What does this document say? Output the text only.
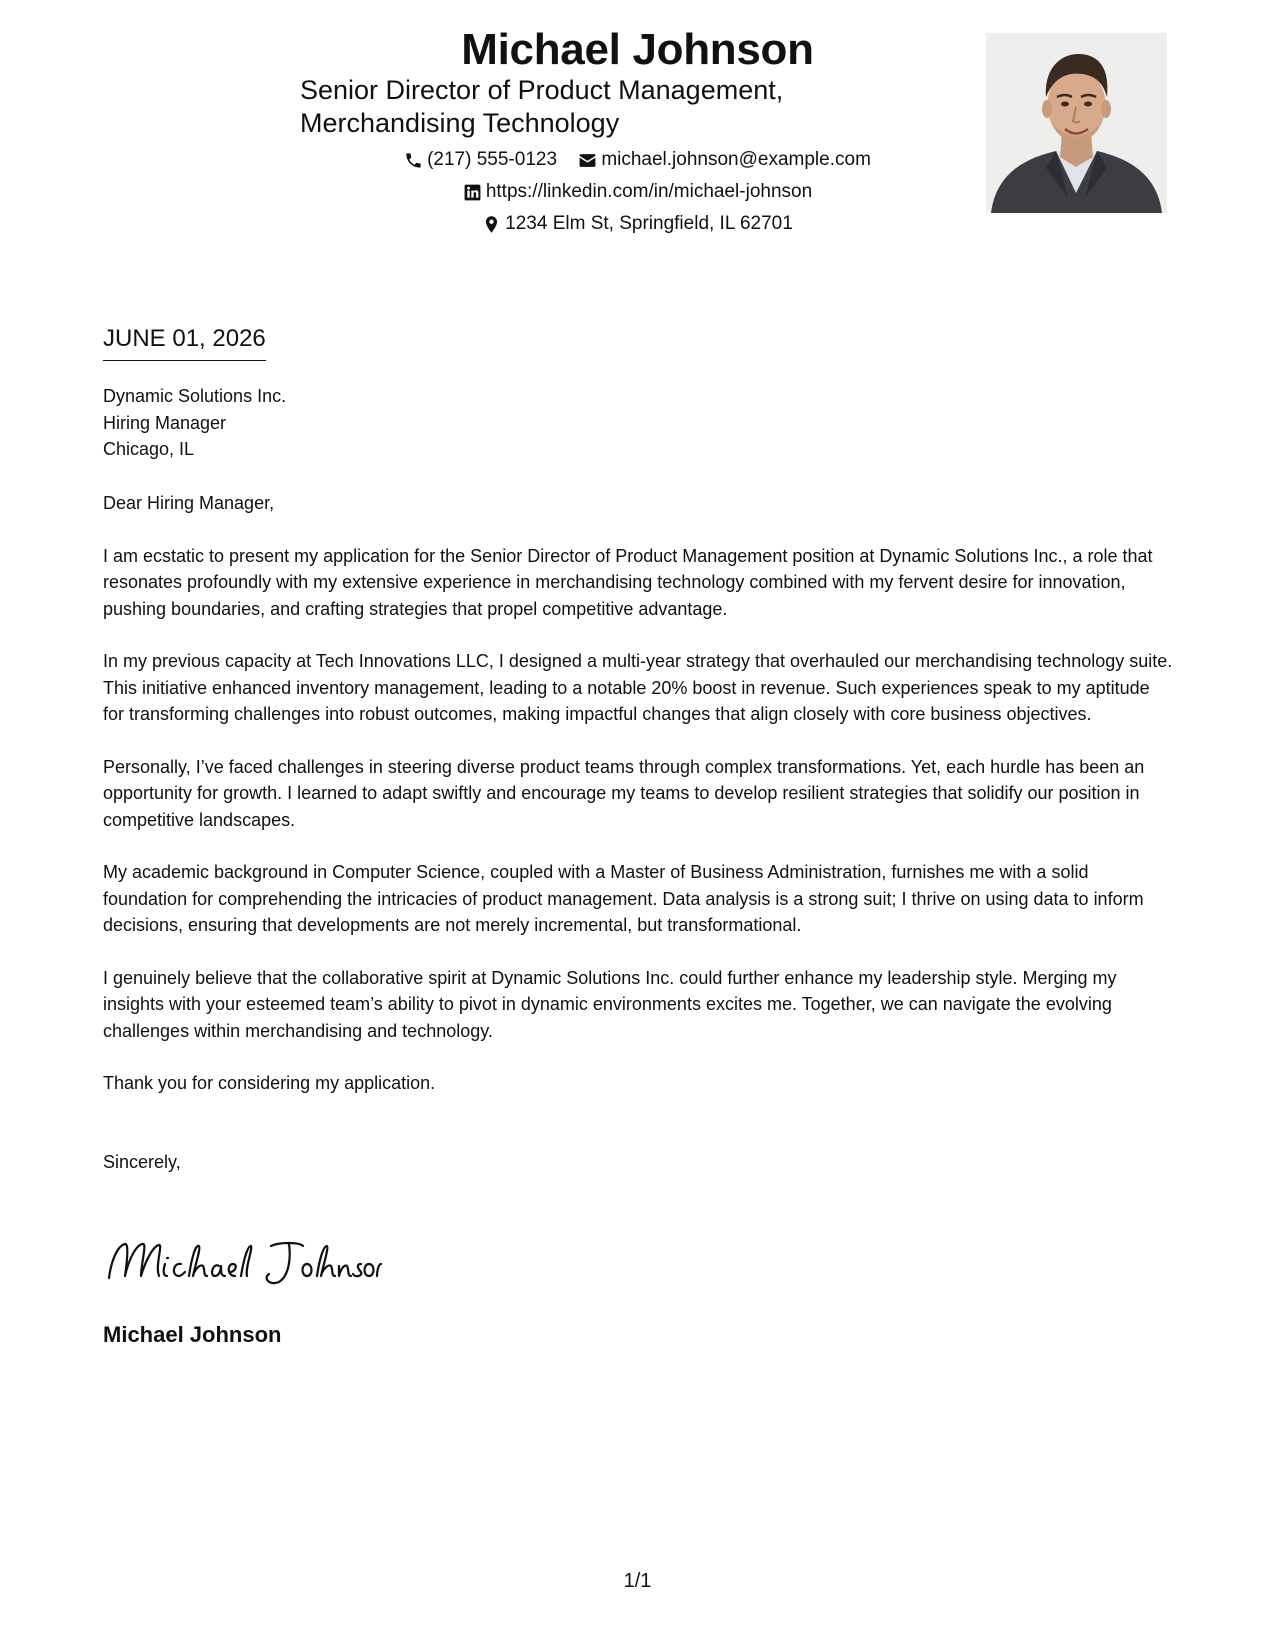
Michael Johnson
Senior Director of Product Management,
Merchandising Technology
(217) 555-0123
michael.johnson@example.com
https://linkedin.com/in/michael-johnson
1234 Elm St, Springfield, IL 62701
JUNE 01, 2026
Dynamic Solutions Inc.
Hiring Manager
Chicago, IL

Dear Hiring Manager,

I am ecstatic to present my application for the Senior Director of Product Management position at Dynamic Solutions Inc., a role that resonates profoundly with my extensive experience in merchandising technology combined with my fervent desire for innovation, pushing boundaries, and crafting strategies that propel competitive advantage.

In my previous capacity at Tech Innovations LLC, I designed a multi-year strategy that overhauled our merchandising technology suite. This initiative enhanced inventory management, leading to a notable 20% boost in revenue. Such experiences speak to my aptitude for transforming challenges into robust outcomes, making impactful changes that align closely with core business objectives.

Personally, I’ve faced challenges in steering diverse product teams through complex transformations. Yet, each hurdle has been an opportunity for growth. I learned to adapt swiftly and encourage my teams to develop resilient strategies that solidify our position in competitive landscapes.

My academic background in Computer Science, coupled with a Master of Business Administration, furnishes me with a solid foundation for comprehending the intricacies of product management. Data analysis is a strong suit; I thrive on using data to inform decisions, ensuring that developments are not merely incremental, but transformational.

I genuinely believe that the collaborative spirit at Dynamic Solutions Inc. could further enhance my leadership style. Merging my insights with your esteemed team’s ability to pivot in dynamic environments excites me. Together, we can navigate the evolving challenges within merchandising and technology.

Thank you for considering my application.

Sincerely,

Michael Johnson
1/1
